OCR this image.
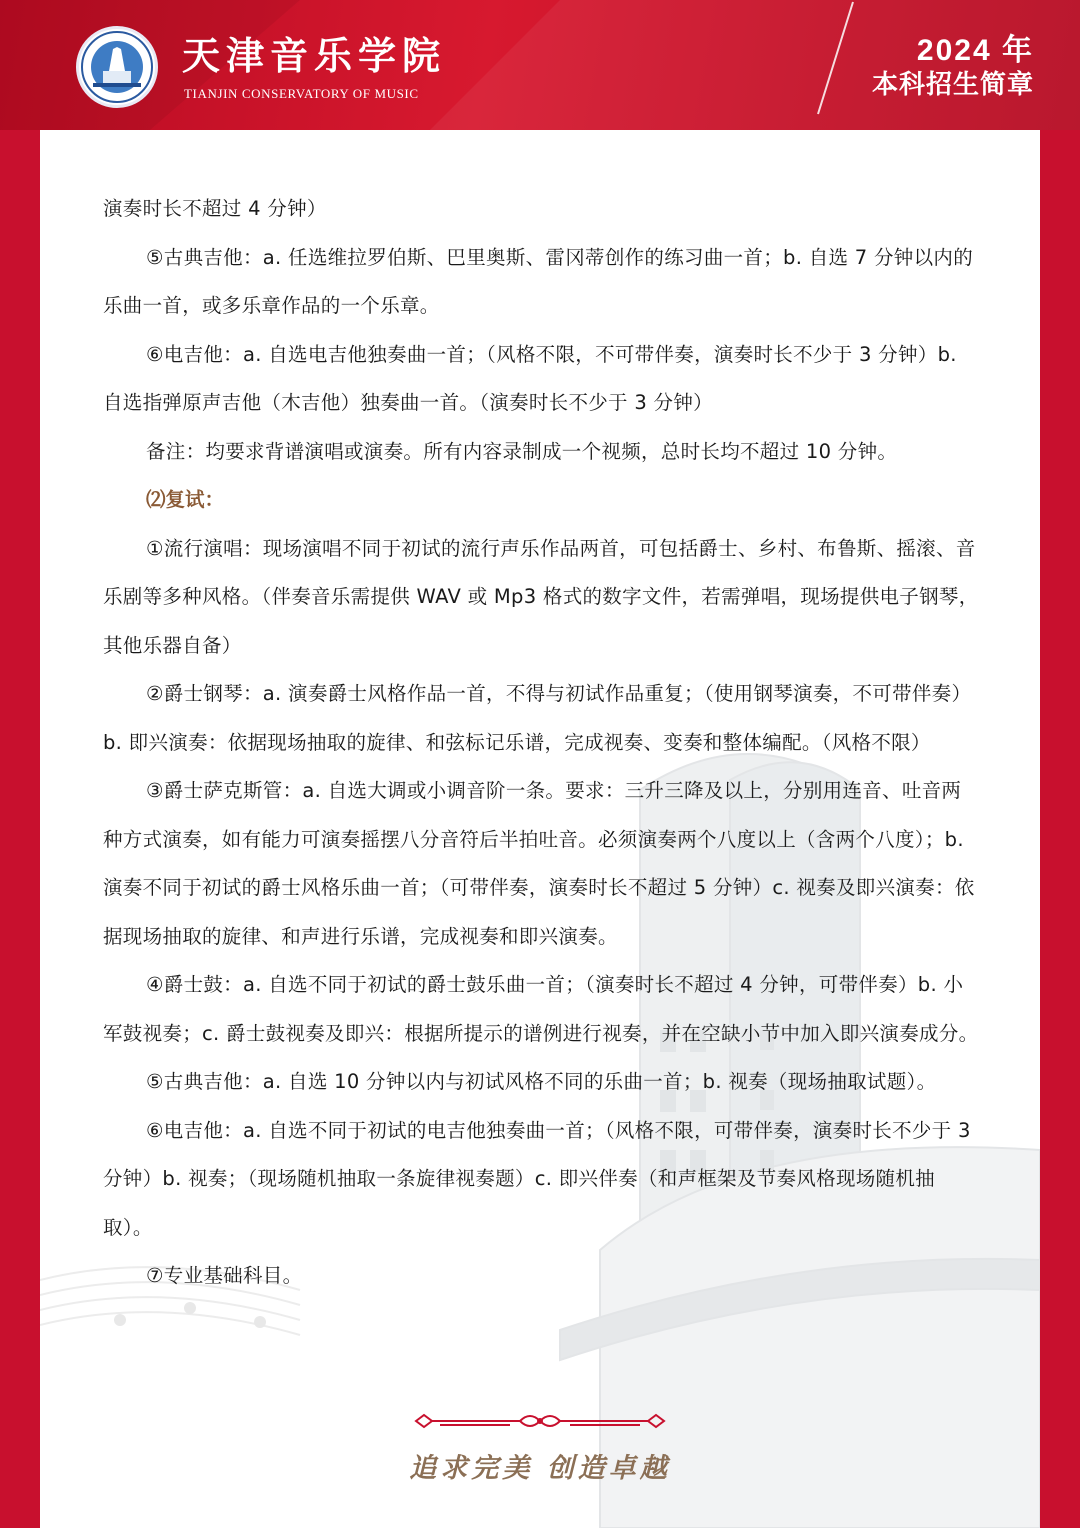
天津音乐学院
TIANJIN CONSERVATORY OF MUSIC
2024 年
本科招生简章

演奏时长不超过 4 分钟）

⑤古典吉他：a. 任选维拉罗伯斯、巴里奥斯、雷冈蒂创作的练习曲一首；b. 自选 7 分钟以内的乐曲一首，或多乐章作品的一个乐章。

⑥电吉他：a. 自选电吉他独奏曲一首；（风格不限，不可带伴奏，演奏时长不少于 3 分钟）b. 自选指弹原声吉他（木吉他）独奏曲一首。（演奏时长不少于 3 分钟）

备注：均要求背谱演唱或演奏。所有内容录制成一个视频，总时长均不超过 10 分钟。

⑵复试：

①流行演唱：现场演唱不同于初试的流行声乐作品两首，可包括爵士、乡村、布鲁斯、摇滚、音乐剧等多种风格。（伴奏音乐需提供 WAV 或 Mp3 格式的数字文件，若需弹唱，现场提供电子钢琴，其他乐器自备）

②爵士钢琴：a. 演奏爵士风格作品一首，不得与初试作品重复；（使用钢琴演奏，不可带伴奏）b. 即兴演奏：依据现场抽取的旋律、和弦标记乐谱，完成视奏、变奏和整体编配。（风格不限）

③爵士萨克斯管：a. 自选大调或小调音阶一条。要求：三升三降及以上，分别用连音、吐音两种方式演奏，如有能力可演奏摇摆八分音符后半拍吐音。必须演奏两个八度以上（含两个八度）；b. 演奏不同于初试的爵士风格乐曲一首；（可带伴奏，演奏时长不超过 5 分钟）c. 视奏及即兴演奏：依据现场抽取的旋律、和声进行乐谱，完成视奏和即兴演奏。

④爵士鼓：a. 自选不同于初试的爵士鼓乐曲一首；（演奏时长不超过 4 分钟，可带伴奏）b. 小军鼓视奏；c. 爵士鼓视奏及即兴：根据所提示的谱例进行视奏，并在空缺小节中加入即兴演奏成分。

⑤古典吉他：a. 自选 10 分钟以内与初试风格不同的乐曲一首；b. 视奏（现场抽取试题）。

⑥电吉他：a. 自选不同于初试的电吉他独奏曲一首；（风格不限，可带伴奏，演奏时长不少于 3 分钟）b. 视奏；（现场随机抽取一条旋律视奏题）c. 即兴伴奏（和声框架及节奏风格现场随机抽取）。

⑦专业基础科目。

追求完美 创造卓越
